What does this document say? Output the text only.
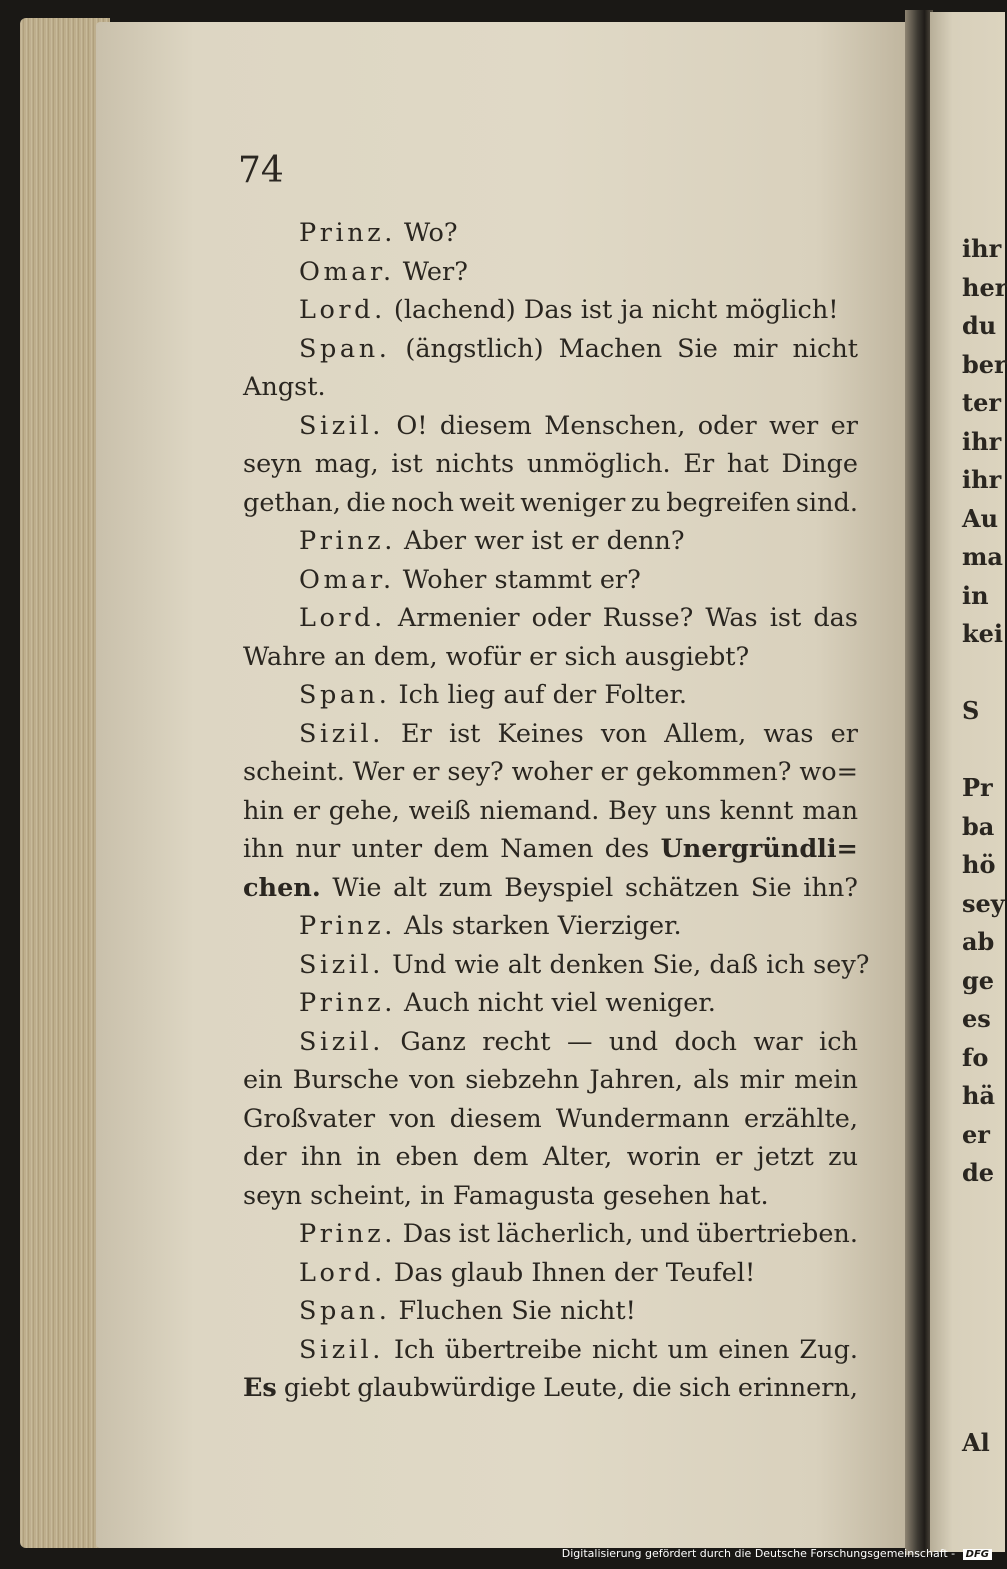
ihr
her
du
ber
ter
ihr
ihr
Au
ma
in
kei
S
Pr
ba
hö
sey
ab
ge
es
fo
hä
er
de
Al
74
Prinz. Wo?
Omar. Wer?
Lord. (lachend) Das ist ja nicht möglich!
Span. (ängstlich) Machen Sie mir nicht
Angst.
Sizil. O! diesem Menschen, oder wer er
seyn mag, ist nichts unmöglich. Er hat Dinge
gethan, die noch weit weniger zu begreifen sind.
Prinz. Aber wer ist er denn?
Omar. Woher stammt er?
Lord. Armenier oder Russe? Was ist das
Wahre an dem, wofür er sich ausgiebt?
Span. Ich lieg auf der Folter.
Sizil. Er ist Keines von Allem, was er
scheint. Wer er sey? woher er gekommen? wo=
hin er gehe, weiß niemand. Bey uns kennt man
ihn nur unter dem Namen des Unergründli=
chen. Wie alt zum Beyspiel schätzen Sie ihn?
Prinz. Als starken Vierziger.
Sizil. Und wie alt denken Sie, daß ich sey?
Prinz. Auch nicht viel weniger.
Sizil. Ganz recht — und doch war ich
ein Bursche von siebzehn Jahren, als mir mein
Großvater von diesem Wundermann erzählte,
der ihn in eben dem Alter, worin er jetzt zu
seyn scheint, in Famagusta gesehen hat.
Prinz. Das ist lächerlich, und übertrieben.
Lord. Das glaub Ihnen der Teufel!
Span. Fluchen Sie nicht!
Sizil. Ich übertreibe nicht um einen Zug.
Es giebt glaubwürdige Leute, die sich erinnern,
Digitalisierung gefördert durch die Deutsche Forschungsgemeinschaft - DFG
